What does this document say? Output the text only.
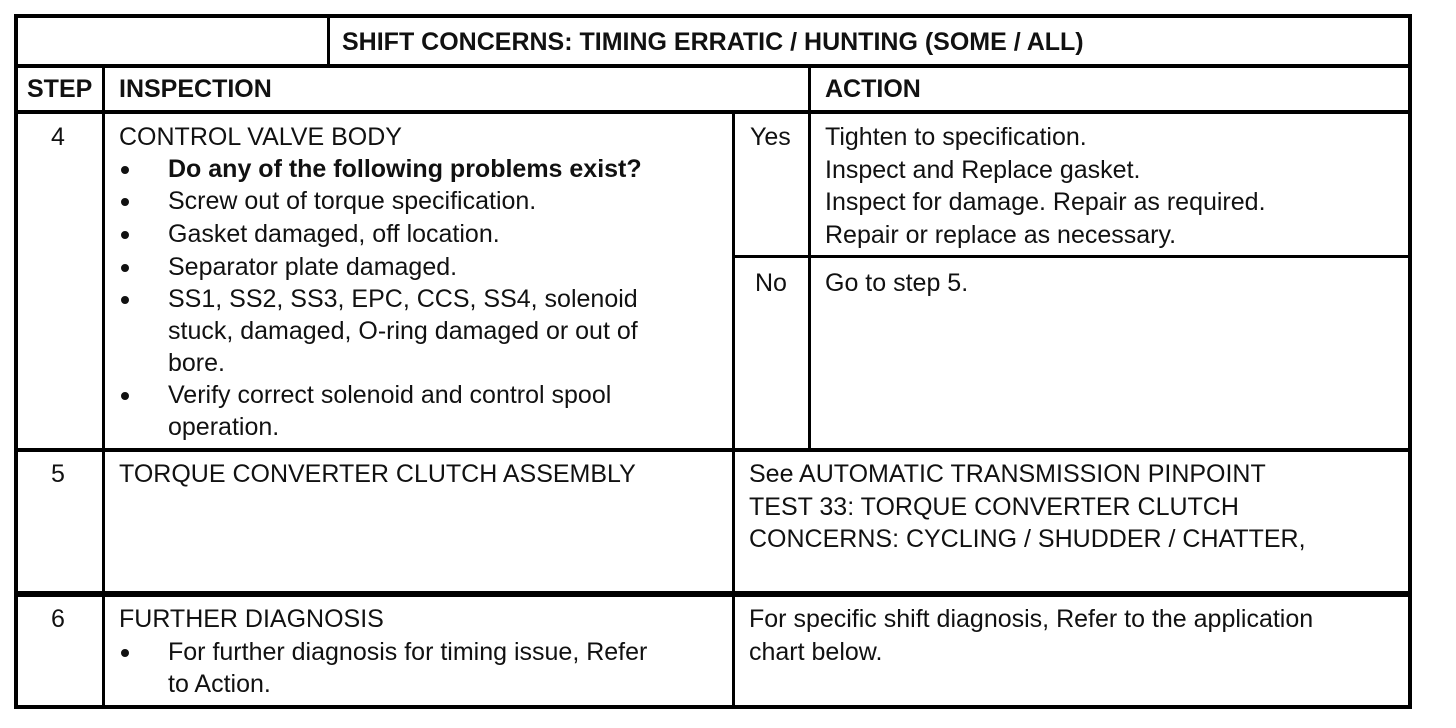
SHIFT CONCERNS: TIMING ERRATIC / HUNTING (SOME / ALL)
STEP INSPECTION	ACTION
4 CONTROL VALVE BODY
Do any of the following problems exist?
Screw out of torque specification.
Gasket damaged, off location.
Separator plate damaged.
SS1, SS2, SS3, EPC, CCS, SS4, solenoid
stuck, damaged, O-ring damaged or out of
bore.
Verify correct solenoid and control spool
operation.
Yes Tighten to specification.
Inspect and Replace gasket.
Inspect for damage. Repair as required.
Repair or replace as necessary.
No Go to step 5.
5 TORQUE CONVERTER CLUTCH ASSEMBLY	See AUTOMATIC TRANSMISSION PINPOINT
TEST 33: TORQUE CONVERTER CLUTCH
CONCERNS: CYCLING / SHUDDER / CHATTER,
6 FURTHER DIAGNOSIS
For further diagnosis for timing issue, Refer
to Action.
For specific shift diagnosis, Refer to the application
chart below.
